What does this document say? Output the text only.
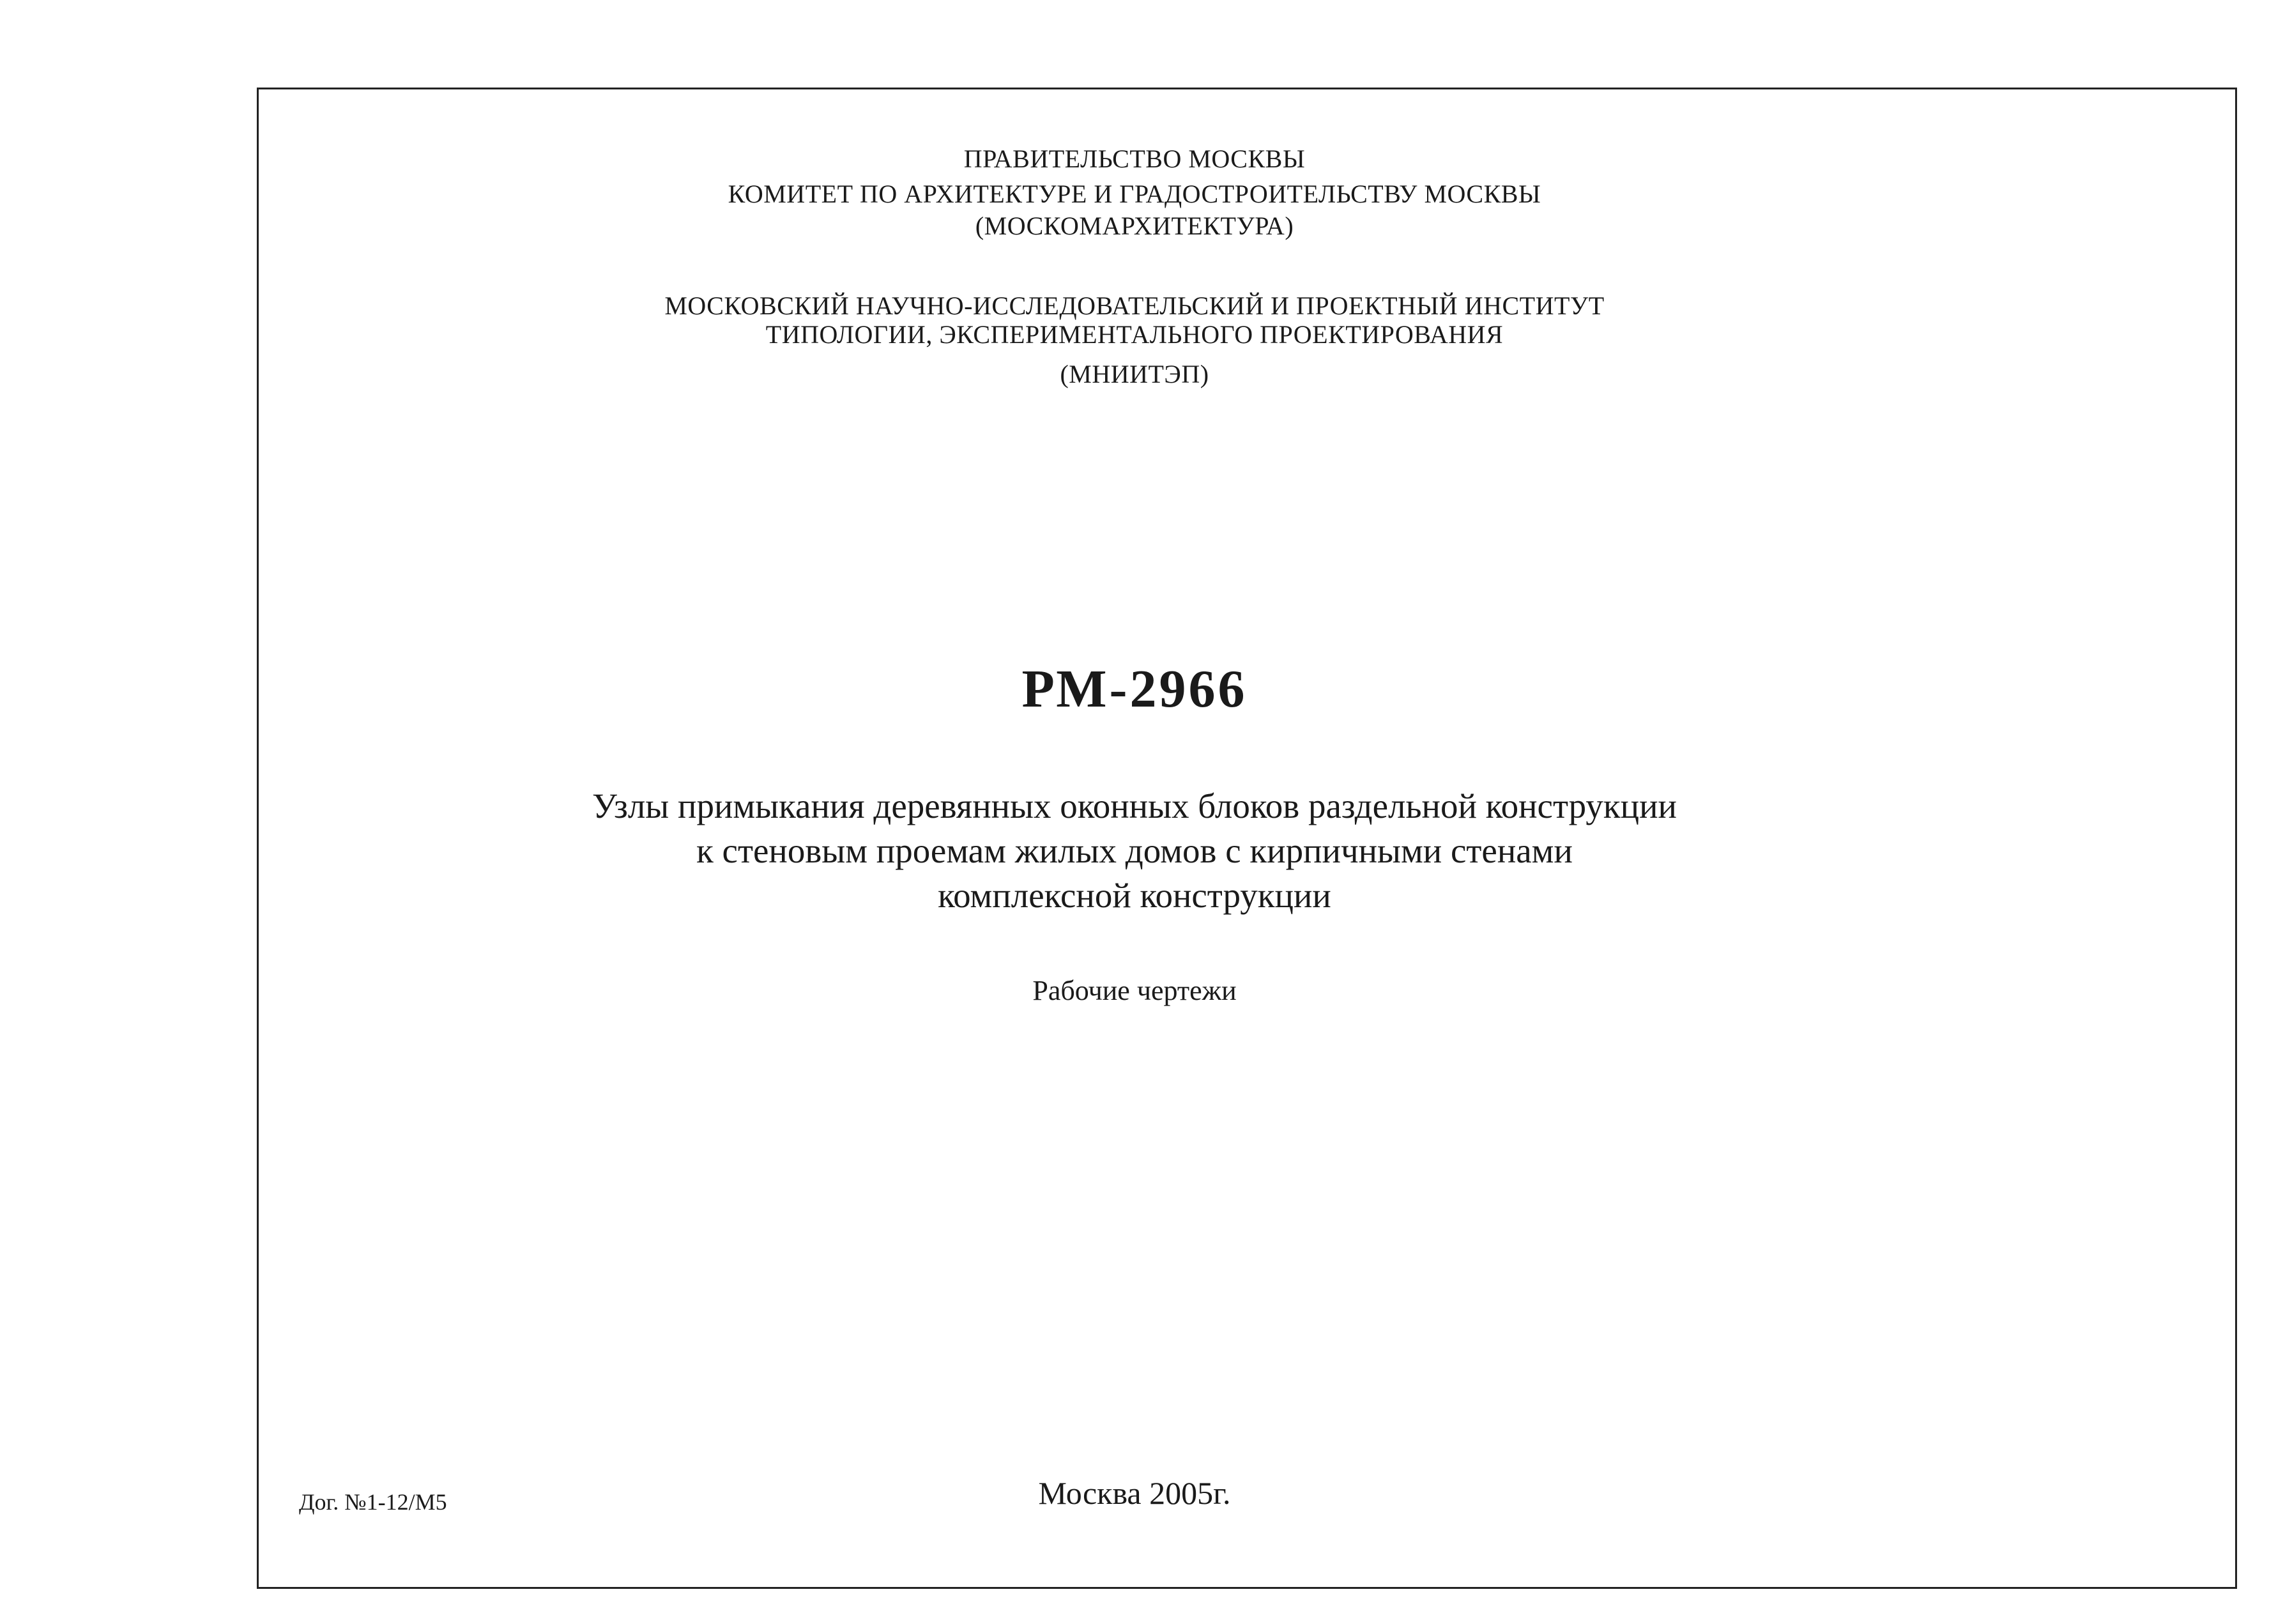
ПРАВИТЕЛЬСТВО МОСКВЫ
КОМИТЕТ ПО АРХИТЕКТУРЕ И ГРАДОСТРОИТЕЛЬСТВУ МОСКВЫ
(МОСКОМАРХИТЕКТУРА)
МОСКОВСКИЙ НАУЧНО-ИССЛЕДОВАТЕЛЬСКИЙ И ПРОЕКТНЫЙ ИНСТИТУТ
ТИПОЛОГИИ, ЭКСПЕРИМЕНТАЛЬНОГО ПРОЕКТИРОВАНИЯ
(МНИИТЭП)
РМ-2966
Узлы примыкания деревянных оконных блоков раздельной конструкции
к стеновым проемам жилых домов с кирпичными стенами
комплексной конструкции
Рабочие чертежи
Дог. №1-12/М5	Москва 2005г.
